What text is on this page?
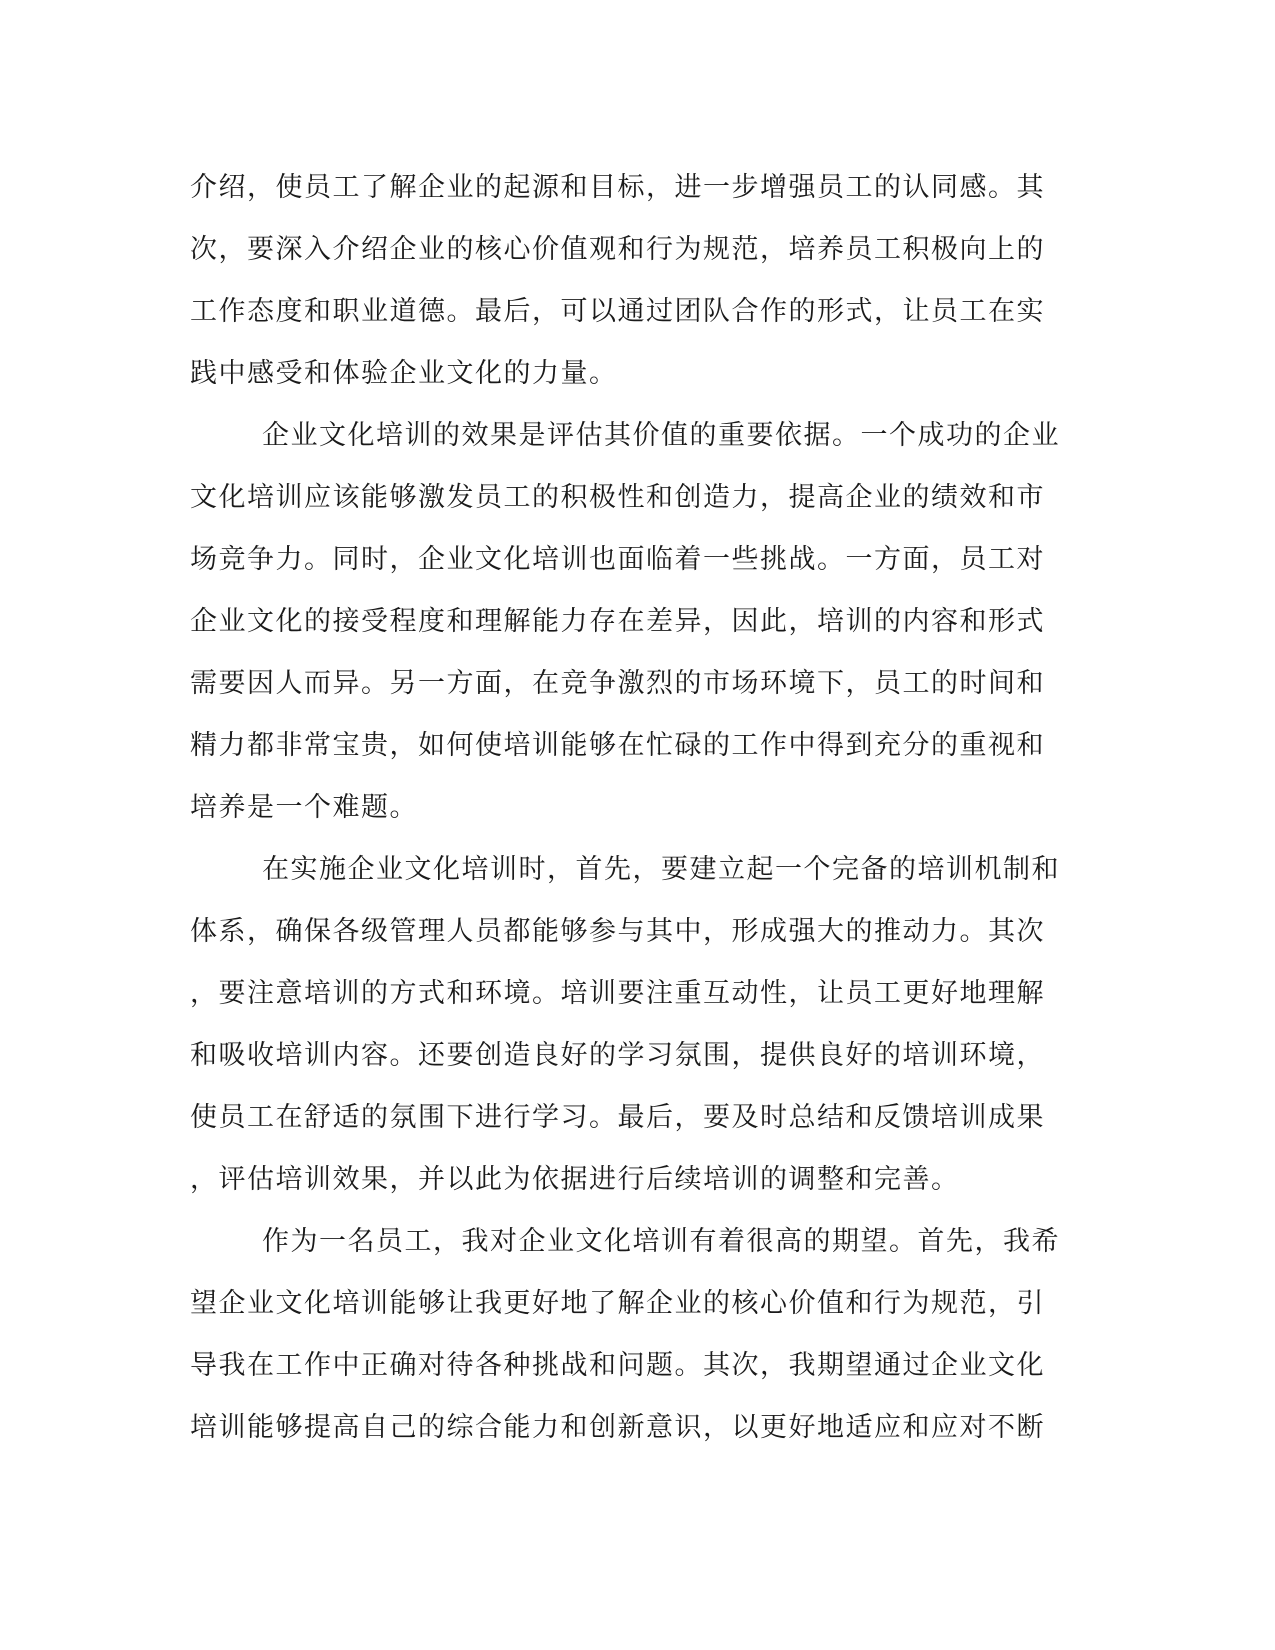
介绍，使员工了解企业的起源和目标，进一步增强员工的认同感。其
次，要深入介绍企业的核心价值观和行为规范，培养员工积极向上的
工作态度和职业道德。最后，可以通过团队合作的形式，让员工在实
践中感受和体验企业文化的力量。
企业文化培训的效果是评估其价值的重要依据。一个成功的企业
文化培训应该能够激发员工的积极性和创造力，提高企业的绩效和市
场竞争力。同时，企业文化培训也面临着一些挑战。一方面，员工对
企业文化的接受程度和理解能力存在差异，因此，培训的内容和形式
需要因人而异。另一方面，在竞争激烈的市场环境下，员工的时间和
精力都非常宝贵，如何使培训能够在忙碌的工作中得到充分的重视和
培养是一个难题。
在实施企业文化培训时，首先，要建立起一个完备的培训机制和
体系，确保各级管理人员都能够参与其中，形成强大的推动力。其次
，要注意培训的方式和环境。培训要注重互动性，让员工更好地理解
和吸收培训内容。还要创造良好的学习氛围，提供良好的培训环境，
使员工在舒适的氛围下进行学习。最后，要及时总结和反馈培训成果
，评估培训效果，并以此为依据进行后续培训的调整和完善。
作为一名员工，我对企业文化培训有着很高的期望。首先，我希
望企业文化培训能够让我更好地了解企业的核心价值和行为规范，引
导我在工作中正确对待各种挑战和问题。其次，我期望通过企业文化
培训能够提高自己的综合能力和创新意识，以更好地适应和应对不断
